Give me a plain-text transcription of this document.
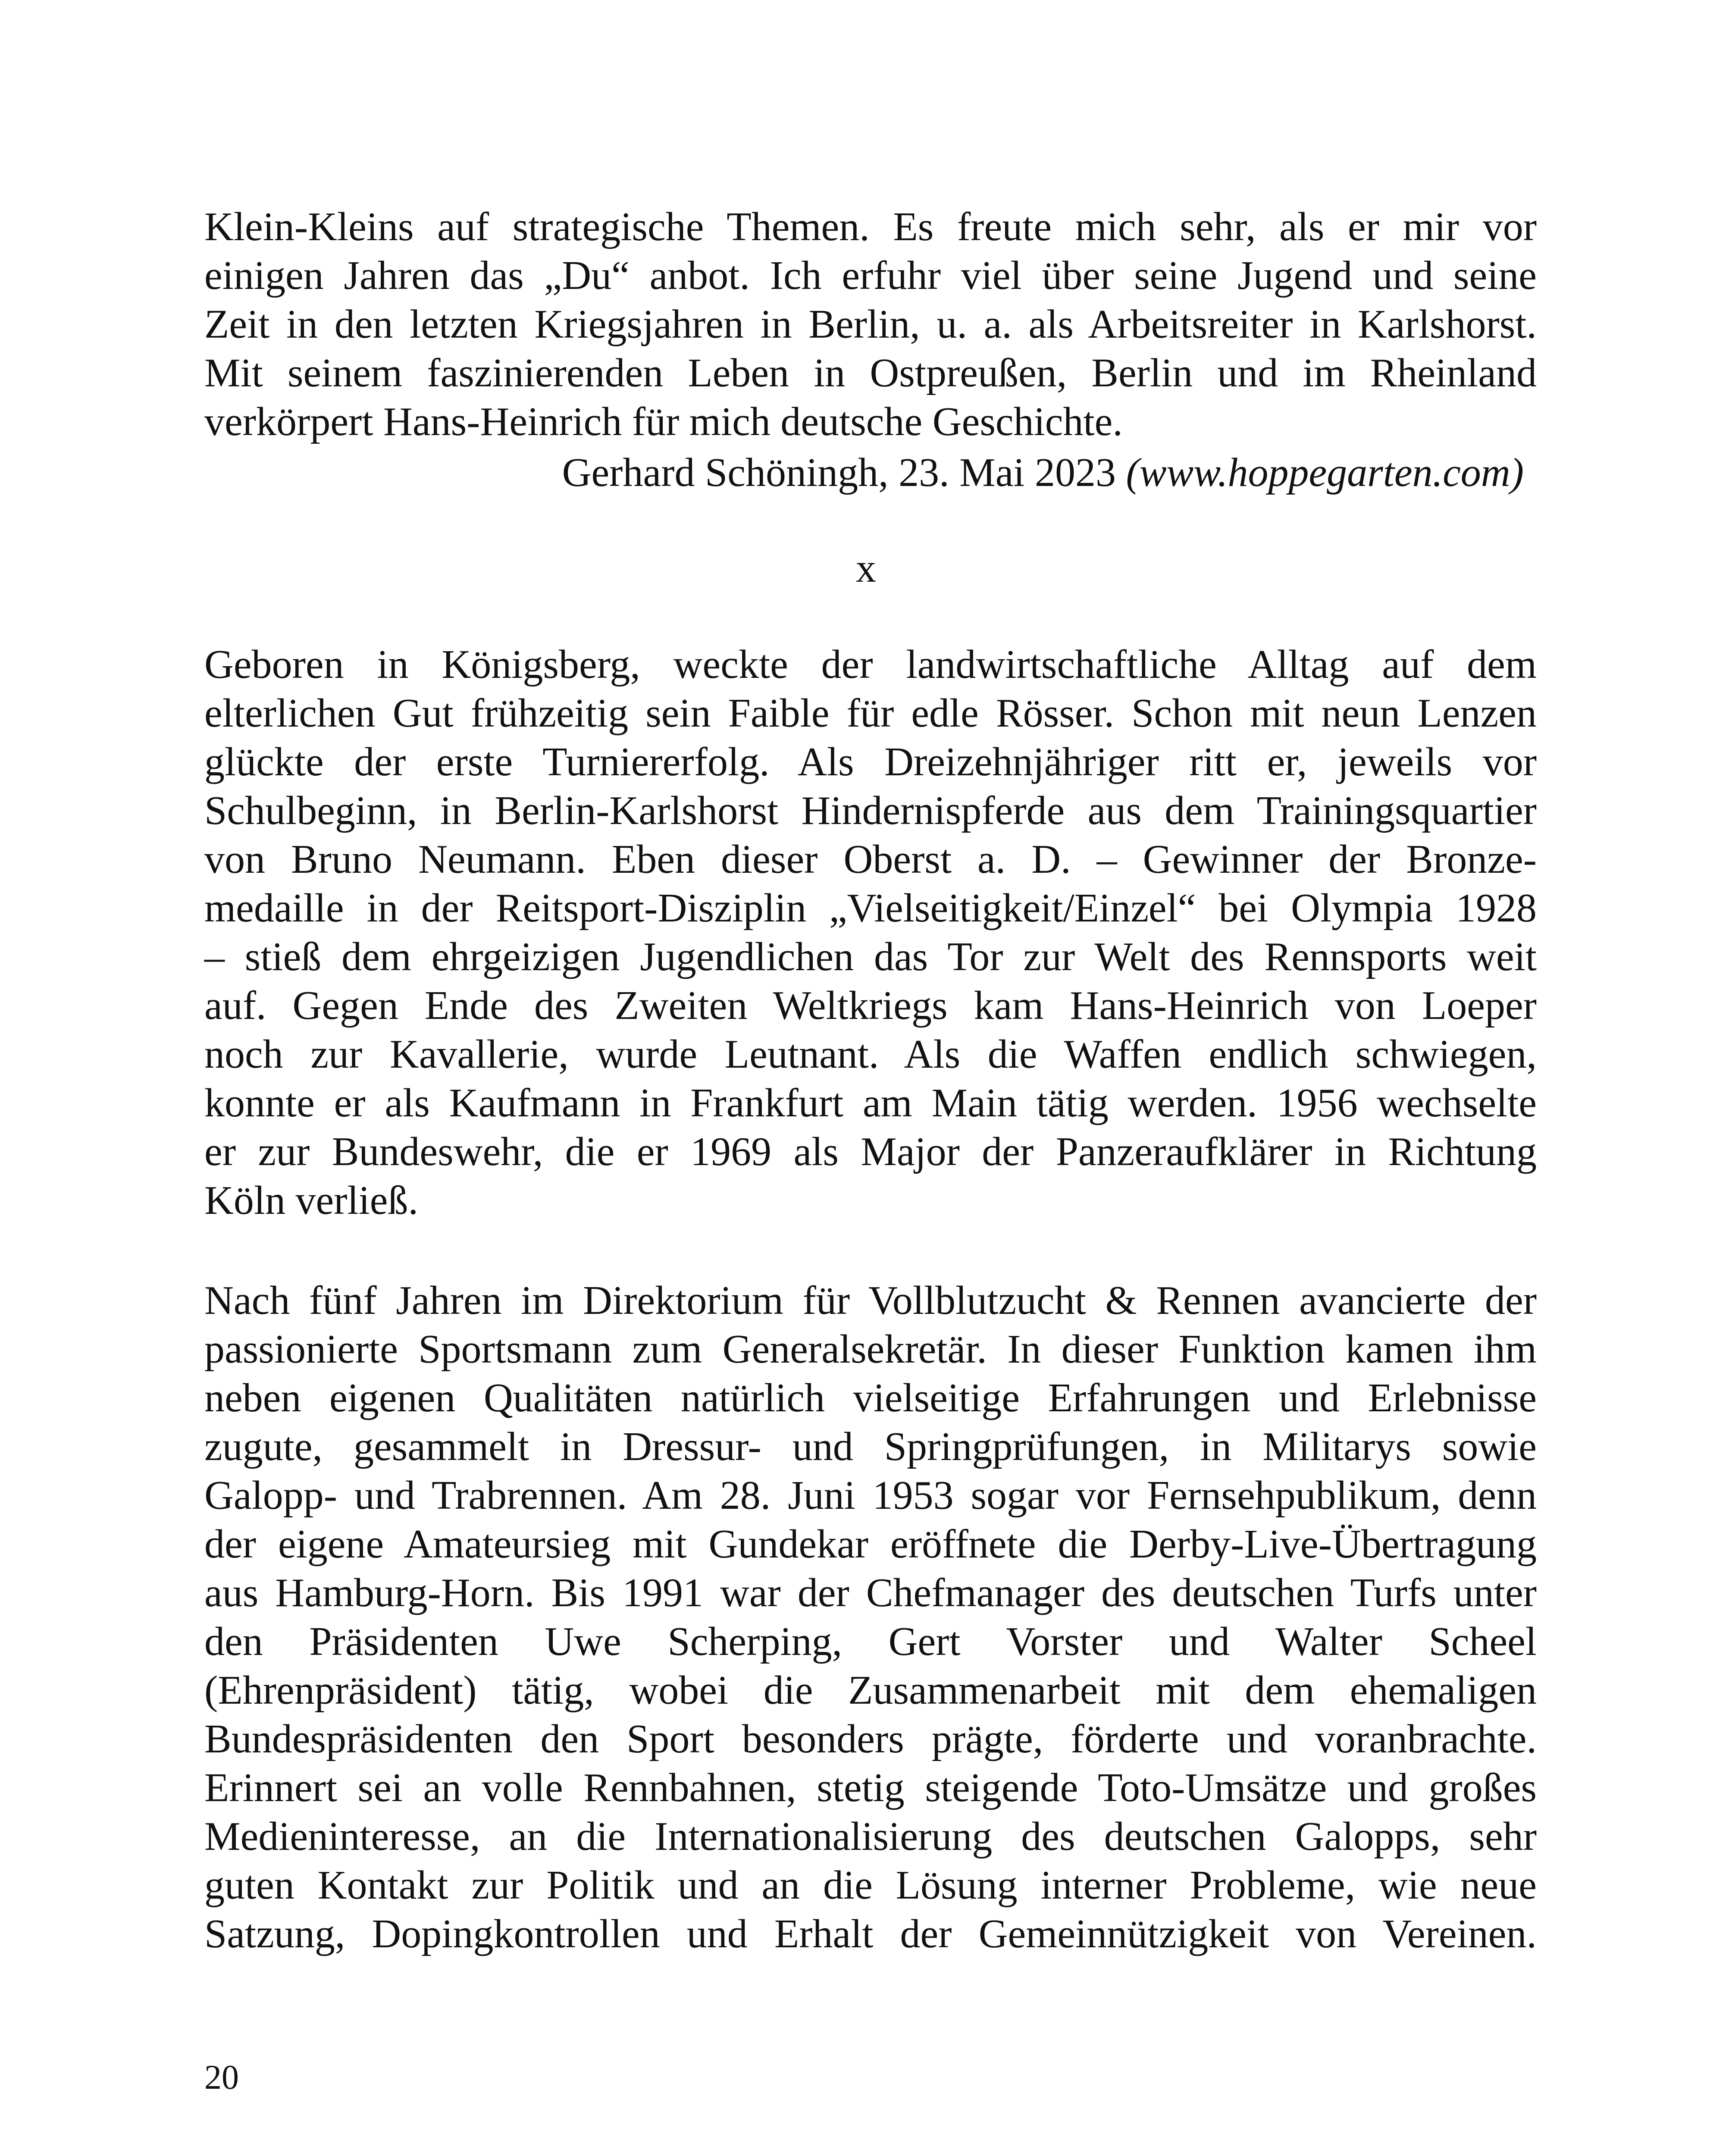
Klein-Kleins auf strategische Themen. Es freute mich sehr, als er mir vor
einigen Jahren das „Du“ anbot. Ich erfuhr viel über seine Jugend und seine
Zeit in den letzten Kriegsjahren in Berlin, u. a. als Arbeitsreiter in Karlshorst.
Mit seinem faszinierenden Leben in Ostpreußen, Berlin und im Rheinland
verkörpert Hans-Heinrich für mich deutsche Geschichte.
Gerhard Schöningh, 23. Mai 2023 (www.hoppegarten.com)
x
Geboren in Königsberg, weckte der landwirtschaftliche Alltag auf dem
elterlichen Gut frühzeitig sein Faible für edle Rösser. Schon mit neun Lenzen
glückte der erste Turniererfolg. Als Dreizehnjähriger ritt er, jeweils vor
Schulbeginn, in Berlin-Karlshorst Hindernispferde aus dem Trainingsquartier
von Bruno Neumann. Eben dieser Oberst a. D. – Gewinner der Bronze-
medaille in der Reitsport-Disziplin „Vielseitigkeit/Einzel“ bei Olympia 1928
– stieß dem ehrgeizigen Jugendlichen das Tor zur Welt des Rennsports weit
auf. Gegen Ende des Zweiten Weltkriegs kam Hans-Heinrich von Loeper
noch zur Kavallerie, wurde Leutnant. Als die Waffen endlich schwiegen,
konnte er als Kaufmann in Frankfurt am Main tätig werden. 1956 wechselte
er zur Bundeswehr, die er 1969 als Major der Panzeraufklärer in Richtung
Köln verließ.
Nach fünf Jahren im Direktorium für Vollblutzucht & Rennen avancierte der
passionierte Sportsmann zum Generalsekretär. In dieser Funktion kamen ihm
neben eigenen Qualitäten natürlich vielseitige Erfahrungen und Erlebnisse
zugute, gesammelt in Dressur- und Springprüfungen, in Militarys sowie
Galopp- und Trabrennen. Am 28. Juni 1953 sogar vor Fernsehpublikum, denn
der eigene Amateursieg mit Gundekar eröffnete die Derby-Live-Übertragung
aus Hamburg-Horn. Bis 1991 war der Chefmanager des deutschen Turfs unter
den Präsidenten Uwe Scherping, Gert Vorster und Walter Scheel
(Ehrenpräsident) tätig, wobei die Zusammenarbeit mit dem ehemaligen
Bundespräsidenten den Sport besonders prägte, förderte und voranbrachte.
Erinnert sei an volle Rennbahnen, stetig steigende Toto-Umsätze und großes
Medieninteresse, an die Internationalisierung des deutschen Galopps, sehr
guten Kontakt zur Politik und an die Lösung interner Probleme, wie neue
Satzung, Dopingkontrollen und Erhalt der Gemeinnützigkeit von Vereinen.
20
